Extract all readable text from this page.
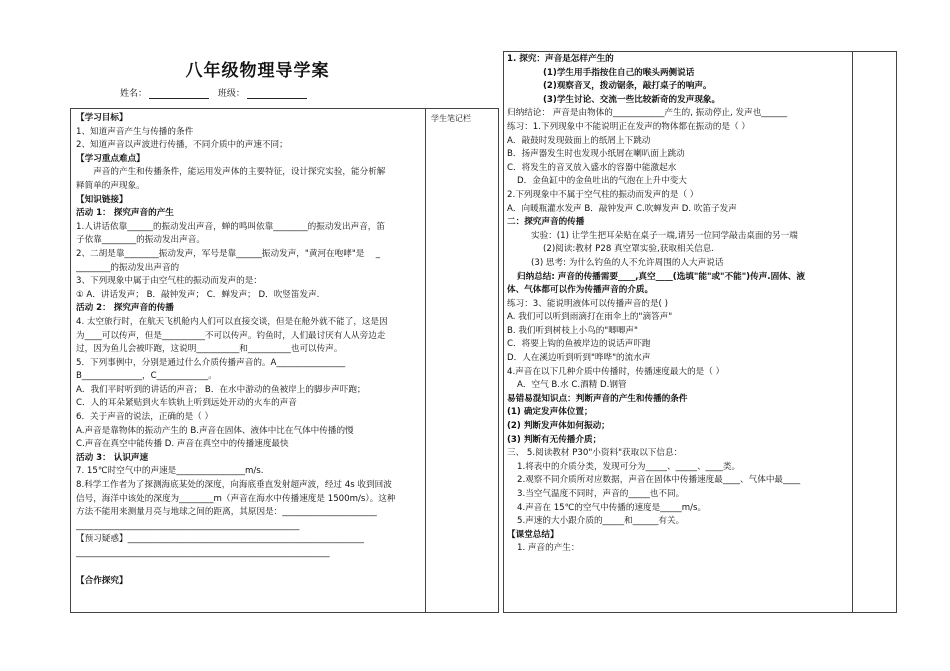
八年级物理导学案
姓名：	班级：
学生笔记栏
【学习目标】
1、知道声音产生与传播的条件
2、知道声音以声波进行传播，不同介质中的声速不同；
【学习重点难点】
　　声音的产生和传播条件，能运用发声体的主要特征，设计探究实验，能分析解
释简单的声现象。
【知识链接】
活动 1： 探究声音的产生
1.人讲话依靠______的振动发出声音，蝉的鸣叫依靠________的振动发出声音，笛
子依靠________的振动发出声音。
2、二胡是靠________振动发声，军号是靠______振动发声，"黄河在咆哮"是　 _
________的振动发出声音的
3、下列现象中属于由空气柱的振动而发声的是：
① A．讲话发声； B．敲钟发声； C．蝉发声； D．吹竖笛发声.
活动 2： 探究声音的传播
4. 太空旅行时，在航天飞机舱内人们可以直接交谈，但是在舱外就不能了，这是因
为____可以传声，但是__________不可以传声。钓鱼时，人们最讨厌有人从旁边走
过，因为鱼儿会被吓跑，这说明__________和__________也可以传声。
5．下列事例中，分别是通过什么介质传播声音的。A________________
B______________，C____________。
A．我们平时听到的讲话的声音； B．在水中游动的鱼被岸上的脚步声吓跑；
C．人的耳朵紧贴到火车铁轨上听到远处开动的火车的声音
6．关于声音的说法，正确的是（ ）
A.声音是靠物体的振动产生的 B.声音在固体、液体中比在气体中传播的慢
C.声音在真空中能传播 D. 声音在真空中的传播速度最快
活动 3： 认识声速
7. 15℃时空气中的声速是________________m/s.
8.科学工作者为了探测海底某处的深度，向海底垂直发射超声波，经过 4s 收到回波
信号，海洋中该处的深度为________m（声音在海水中传播速度是 1500m/s）。这种
方法不能用来测量月亮与地球之间的距离，其原因是：______________________
____________________________________________________
【预习疑惑】_______________________________________________________
___________________________________________________________
【合作探究】
1. 探究：声音是怎样产生的
(1)学生用手指按住自己的喉头两侧说话
(2)观察音叉，拨动锯条，敲打桌子的响声。
(3)学生讨论、交流一些比较新奇的发声现象。
归纳结论： 声音是由物体的____________产生的, 振动停止, 发声也______
练习：1.下列现象中不能说明正在发声的物体都在振动的是（ ）
A．敲鼓时发现鼓面上的纸屑上下跳动
B．扬声器发生时也发现小纸屑在喇叭面上跳动
C．将发生的音叉放入盛水的容器中能激起水
D．金鱼缸中的金鱼吐出的气泡在上升中变大
2.下列现象中不属于空气柱的振动而发声的是（ ）
A．向暖瓶灌水发声 B．敲钟发声 C.吹蝉发声 D. 吹笛子发声
二：探究声音的传播
实验：(1) 让学生把耳朵贴在桌子一端,请另一位同学敲击桌面的另一端
(2)阅读:教材 P28 真空罩实验,获取相关信息.
(3) 思考: 为什么钓鱼的人不允许周围的人大声说话
归纳总结: 声音的传播需要____,真空____(选填"能"或"不能")传声.固体、液
体、气体都可以作为传播声音的介质。
练习：3、能说明液体可以传播声音的是( )
A. 我们可以听到雨滴打在雨伞上的"滴答声"
B. 我们听到树枝上小鸟的"唧唧声"
C．将要上钩的鱼被岸边的说话声吓跑
D．人在溪边听到听到"哗哗"的流水声
4.声音在以下几种介质中传播时，传播速度最大的是（ ）
A．空气 B.水 C.酒精 D.钢管
易错易混知识点：判断声音的产生和传播的条件
(1) 确定发声体位置；
(2) 判断发声体如何振动；
(3) 判断有无传播介质；
三、 5.阅读教材 P30"小资料"获取以下信息：
1.将表中的介质分类，发现可分为_____、_____、____类。
2.观察不同介质所对应数据，声音在固体中传播速度最____、气体中最____
3.当空气温度不同时，声音的_____也不同。
4.声音在 15℃的空气中传播的速度是_____m/s。
5.声速的大小跟介质的_____和______有关。
【课堂总结】
1. 声音的产生：
